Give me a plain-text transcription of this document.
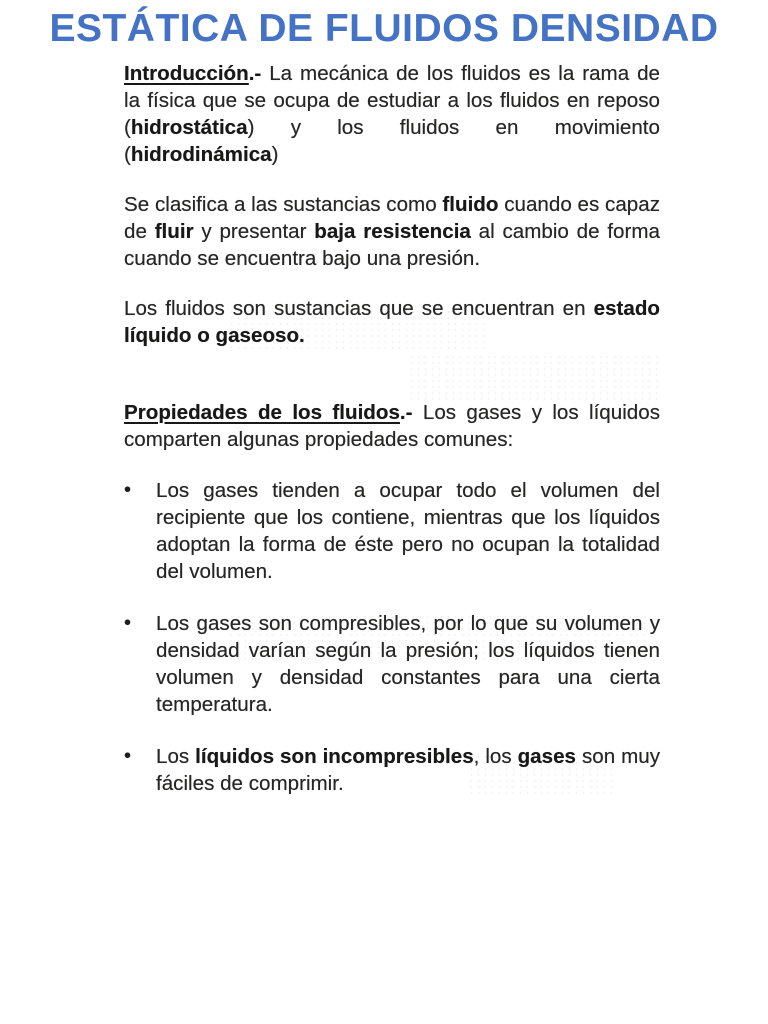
ESTÁTICA DE FLUIDOS DENSIDAD

Introducción.- La mecánica de los fluidos es la rama de la física que se ocupa de estudiar a los fluidos en reposo (hidrostática) y los fluidos en movimiento (hidrodinámica)

Se clasifica a las sustancias como fluido cuando es capaz de fluir y presentar baja resistencia al cambio de forma cuando se encuentra bajo una presión.

Los fluidos son sustancias que se encuentran en estado líquido o gaseoso.

Propiedades de los fluidos.- Los gases y los líquidos comparten algunas propiedades comunes:

• Los gases tienden a ocupar todo el volumen del recipiente que los contiene, mientras que los líquidos adoptan la forma de éste pero no ocupan la totalidad del volumen.
• Los gases son compresibles, por lo que su volumen y densidad varían según la presión; los líquidos tienen volumen y densidad constantes para una cierta temperatura.
• Los líquidos son incompresibles, los gases son muy fáciles de comprimir.
